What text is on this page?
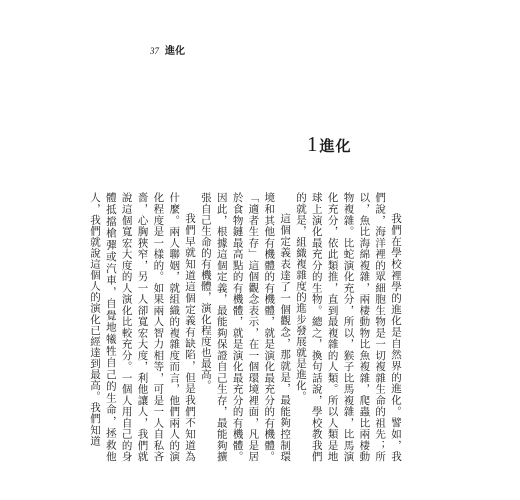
37 進化
1 進化

我們在學校裡學的進化是自然界的進化。譬如，我們說，海洋裡的眾細胞生物是一切複雜生命的祖先；所以，魚比海綿複雜，兩棲動物比魚複雜，爬蟲比兩棲動物複雜。比蛇演化充分，所以，猴子比馬複雜，比馬演化充分，依此類推，直到最複雜的人類。所以人類是地球上演化最充分的生物。總之，換句話說，學校教我們的就是，組織複雜度的進步發展就是進化。

這個定義表達了一個觀念，那就是，最能夠控制環境和其他有機體的有機體，就是演化最充分的有機體。「適者生存」這個觀念表示，在一個環境裡面，凡是居於食物鏈最高點的有機體，就是演化最充分的有機體。因此，根據這個定義，最能夠保證自己生存，最能夠擴張自己生命的有機體，演化程度也最高。

我們早就知道這個定義有缺陷，但是我們不知道為什麼。兩人聯姻，就組織的複雜度而言，他們兩人的演化程度是一樣的。如果兩人智力相等，可是一人自私吝嗇，心胸狹窄，另一人卻寬宏大度，利他讓人，我們就說這個寬宏大度的人演化比較充分。一個人用自己的身體抵擋槍彈或汽車，自覺地犧牲自己的生命，拯救他人，我們就說這個人的演化已經達到最高。我們知道
